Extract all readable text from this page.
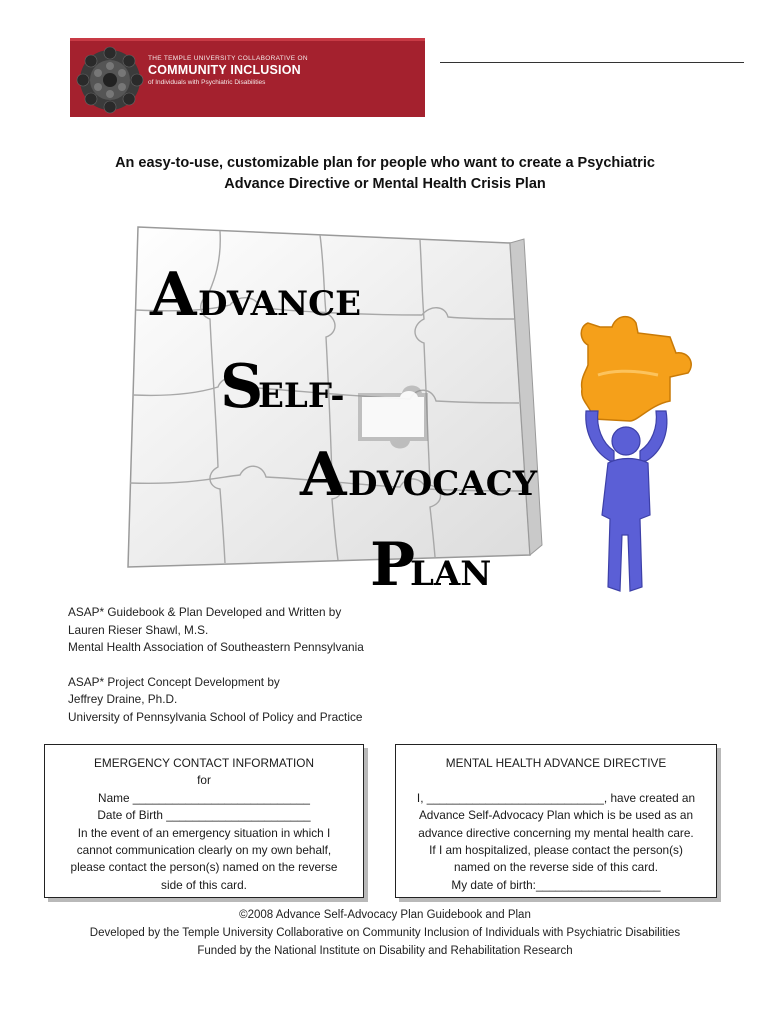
THE TEMPLE UNIVERSITY COLLABORATIVE ON
COMMUNITY INCLUSION
of Individuals with Psychiatric Disabilities
An easy-to-use, customizable plan for people who want to create a Psychiatric
Advance Directive or Mental Health Crisis Plan
A DVANCE
S
ELF-
A DVOCACY
P
LAN
ASAP* Guidebook & Plan Developed and Written by
Lauren Rieser Shawl, M.S.
Mental Health Association of Southeastern Pennsylvania
ASAP* Project Concept Development by
Jeffrey Draine, Ph.D.
University of Pennsylvania School of Policy and Practice
EMERGENCY CONTACT INFORMATION
for
Name ___________________________
Date of Birth ______________________
In the event of an emergency situation in which I
cannot communication clearly on my own behalf,
please contact the person(s) named on the reverse
side of this card.
MENTAL HEALTH ADVANCE DIRECTIVE
I, ___________________________, have created an
Advance Self-Advocacy Plan which is be used as an
advance directive concerning my mental health care.
If I am hospitalized, please contact the person(s)
named on the reverse side of this card.
My date of birth:___________________
©2008 Advance Self-Advocacy Plan Guidebook and Plan
Developed by the Temple University Collaborative on Community Inclusion of Individuals with Psychiatric Disabilities
Funded by the National Institute on Disability and Rehabilitation Research
